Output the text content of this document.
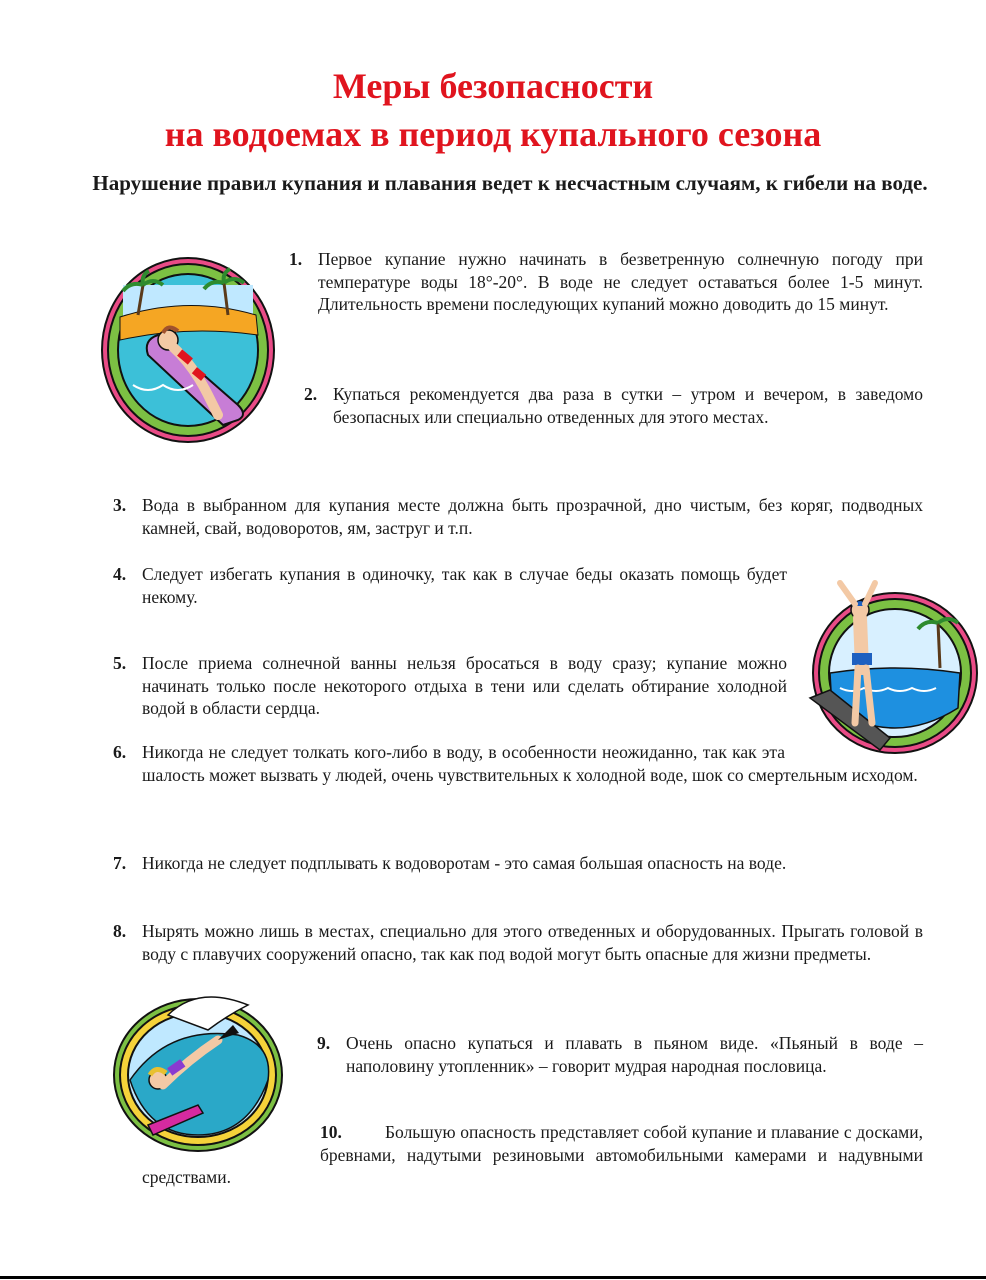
Меры безопасности
на водоемах в период купального сезона
Нарушение правил купания и плавания ведет к несчастным случаям, к гибели на воде.
1. Первое купание нужно начинать в безветренную солнечную погоду при температуре воды 18°-20°. В воде не следует оставаться более 1-5 минут. Длительность времени последующих купаний можно доводить до 15 минут.
2. Купаться рекомендуется два раза в сутки – утром и вечером, в заведомо безопасных или специально отведенных для этого местах.
3. Вода в выбранном для купания месте должна быть прозрачной, дно чистым, без коряг, подводных камней, свай, водоворотов, ям, заструг и т.п.
4. Следует избегать купания в одиночку, так как в случае беды оказать помощь будет некому.
5. После приема солнечной ванны нельзя бросаться в воду сразу; купание можно начинать только после некоторого отдыха в тени или сделать обтирание холодной водой в области сердца.
6. Никогда не следует толкать кого-либо в воду, в особенности неожиданно, так как эта шалость может вызвать у людей, очень чувствительных к холодной воде, шок со смертельным исходом.
7. Никогда не следует подплывать к водоворотам - это самая большая опасность на воде.
8. Нырять можно лишь в местах, специально для этого отведенных и оборудованных. Прыгать головой в воду с плавучих сооружений опасно, так как под водой могут быть опасные для жизни предметы.
9. Очень опасно купаться и плавать в пьяном виде. «Пьяный в воде – наполовину утопленник» – говорит мудрая народная пословица.
10. Большую опасность представляет собой купание и плавание с досками, бревнами, надутыми резиновыми автомобильными камерами и надувными средствами.
